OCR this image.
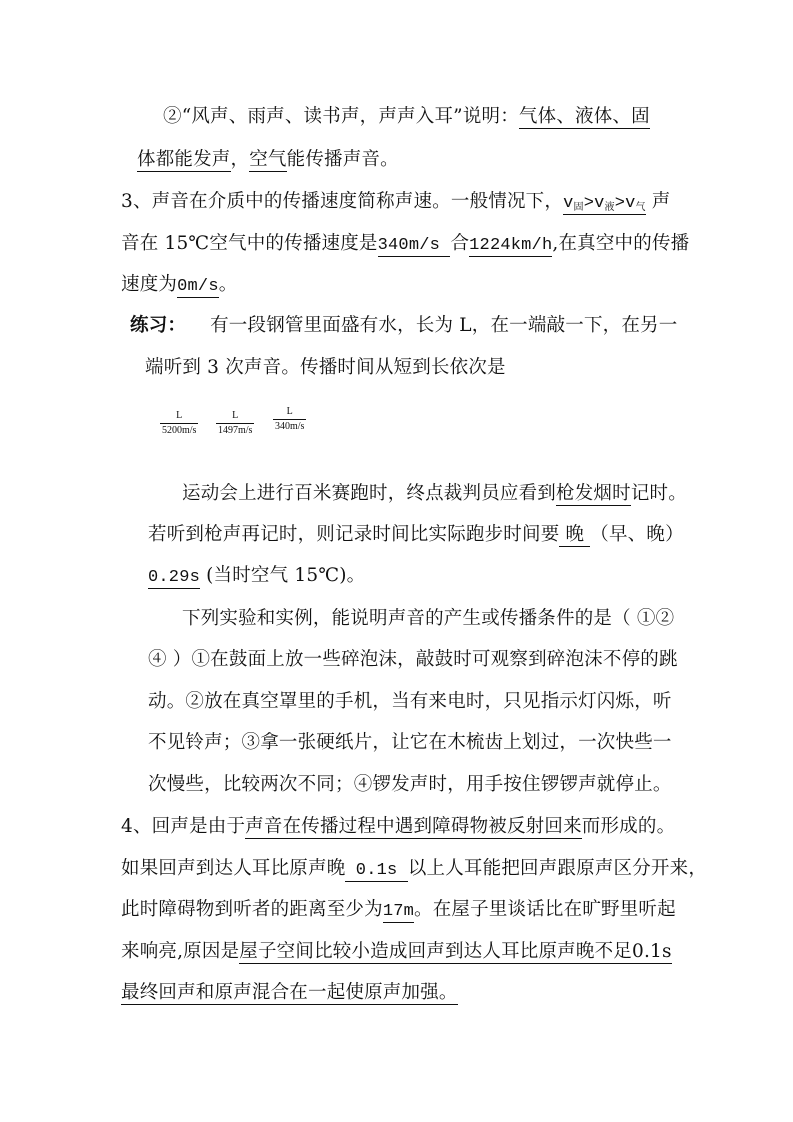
②“风声、雨声、读书声，声声入耳”说明：气体、液体、固
体都能发声，空气能传播声音。
3、声音在介质中的传播速度简称声速。一般情况下，$v_固>v_液>v_气$ 声
音在 15℃空气中的传播速度是340m/s 合1224km/h,在真空中的传播
速度为0m/s。
练习： 有一段钢管里面盛有水，长为 L，在一端敲一下，在另一
端听到 3 次声音。传播时间从短到长依次是
L
5200m/s
L
1497m/s
L
340m/s
运动会上进行百米赛跑时，终点裁判员应看到枪发烟时记时。
若听到枪声再记时，则记录时间比实际跑步时间要 晚 （早、晚）
0.29s (当时空气 15℃)。
下列实验和实例，能说明声音的产生或传播条件的是（ ①②
④ ）①在鼓面上放一些碎泡沫，敲鼓时可观察到碎泡沫不停的跳
动。②放在真空罩里的手机，当有来电时，只见指示灯闪烁，听
不见铃声；③拿一张硬纸片，让它在木梳齿上划过，一次快些一
次慢些，比较两次不同；④锣发声时，用手按住锣锣声就停止。
4、回声是由于声音在传播过程中遇到障碍物被反射回来而形成的。
如果回声到达人耳比原声晚 0.1s 以上人耳能把回声跟原声区分开来，
此时障碍物到听者的距离至少为17m。在屋子里谈话比在旷野里听起
来响亮,原因是屋子空间比较小造成回声到达人耳比原声晚不足0.1s
最终回声和原声混合在一起使原声加强。
